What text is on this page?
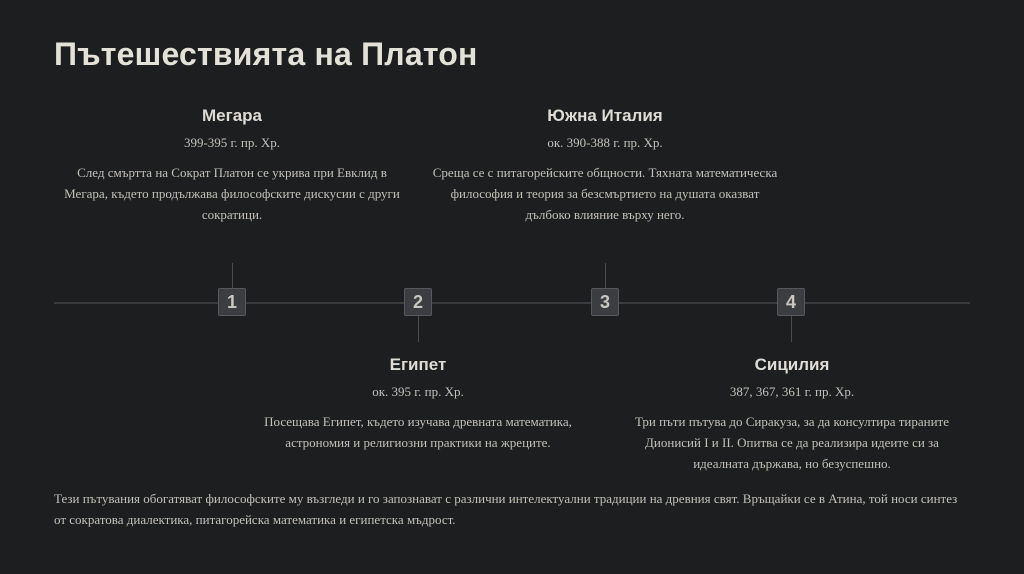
Пътешествията на Платон

Мегара

399-395 г. пр. Хр.

След смъртта на Сократ Платон се укрива при Евклид в Мегара, където продължава философските дискусии с други сократици.

Южна Италия

ок. 390-388 г. пр. Хр.

Среща се с питагорейските общности. Тяхната математическа философия и теория за безсмъртието на душата оказват дълбоко влияние върху него.

1	2	3	4

Египет

ок. 395 г. пр. Хр.

Посещава Египет, където изучава древната математика, астрономия и религиозни практики на жреците.

Сицилия

387, 367, 361 г. пр. Хр.

Три пъти пътува до Сиракуза, за да консултира тираните Дионисий I и II. Опитва се да реализира идеите си за идеалната държава, но безуспешно.

Тези пътувания обогатяват философските му възгледи и го запознават с различни интелектуални традиции на древния свят. Връщайки се в Атина, той носи синтез от сократова диалектика, питагорейска математика и египетска мъдрост.
